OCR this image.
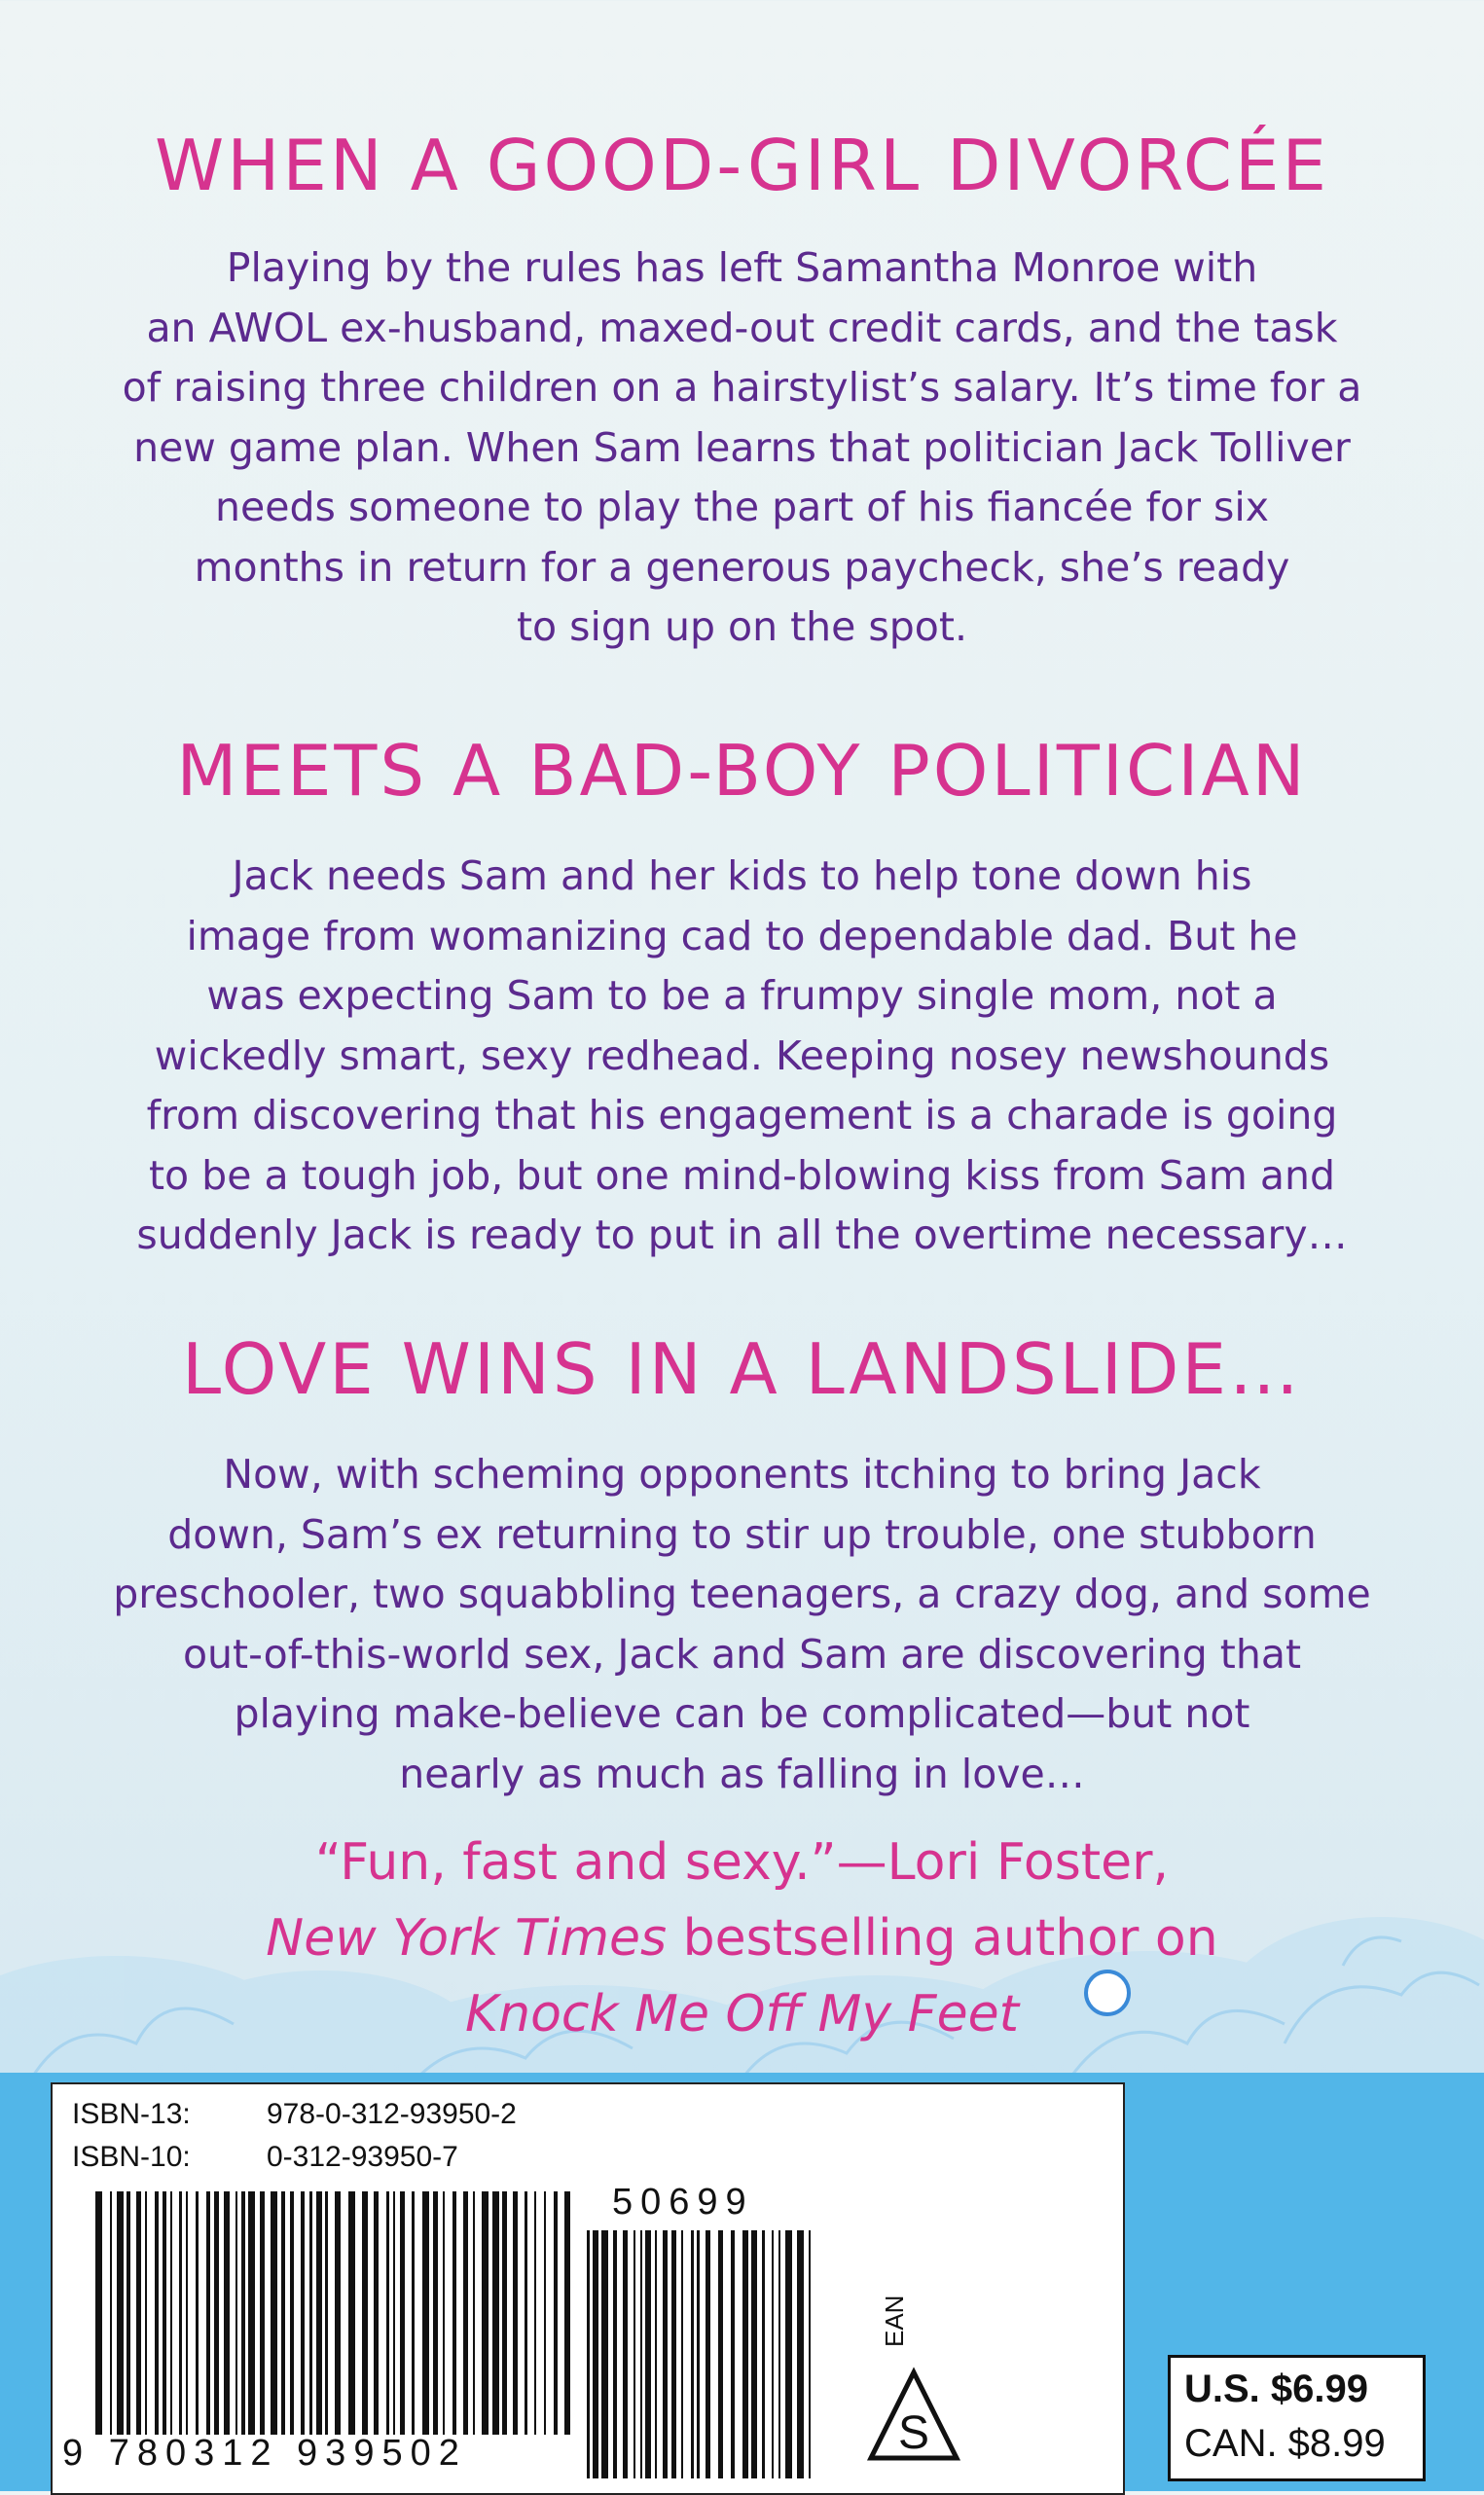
WHEN A GOOD-GIRL DIVORCÉE
Playing by the rules has left Samantha Monroe with
an AWOL ex-husband, maxed-out credit cards, and the task
of raising three children on a hairstylist’s salary. It’s time for a
new game plan. When Sam learns that politician Jack Tolliver
needs someone to play the part of his fiancée for six
months in return for a generous paycheck, she’s ready
to sign up on the spot.
MEETS A BAD-BOY POLITICIAN
Jack needs Sam and her kids to help tone down his
image from womanizing cad to dependable dad. But he
was expecting Sam to be a frumpy single mom, not a
wickedly smart, sexy redhead. Keeping nosey newshounds
from discovering that his engagement is a charade is going
to be a tough job, but one mind-blowing kiss from Sam and
suddenly Jack is ready to put in all the overtime necessary…
LOVE WINS IN A LANDSLIDE…
Now, with scheming opponents itching to bring Jack
down, Sam’s ex returning to stir up trouble, one stubborn
preschooler, two squabbling teenagers, a crazy dog, and some
out-of-this-world sex, Jack and Sam are discovering that
playing make-believe can be complicated—but not
nearly as much as falling in love…
“Fun, fast and sexy.”—Lori Foster,
New York Times bestselling author on
Knock Me Off My Feet
ISBN-13:	978-0-312-93950-2
ISBN-10:	0-312-93950-7
9 780312 939502
50699
EAN
S
U.S. $6.99
CAN. $8.99
